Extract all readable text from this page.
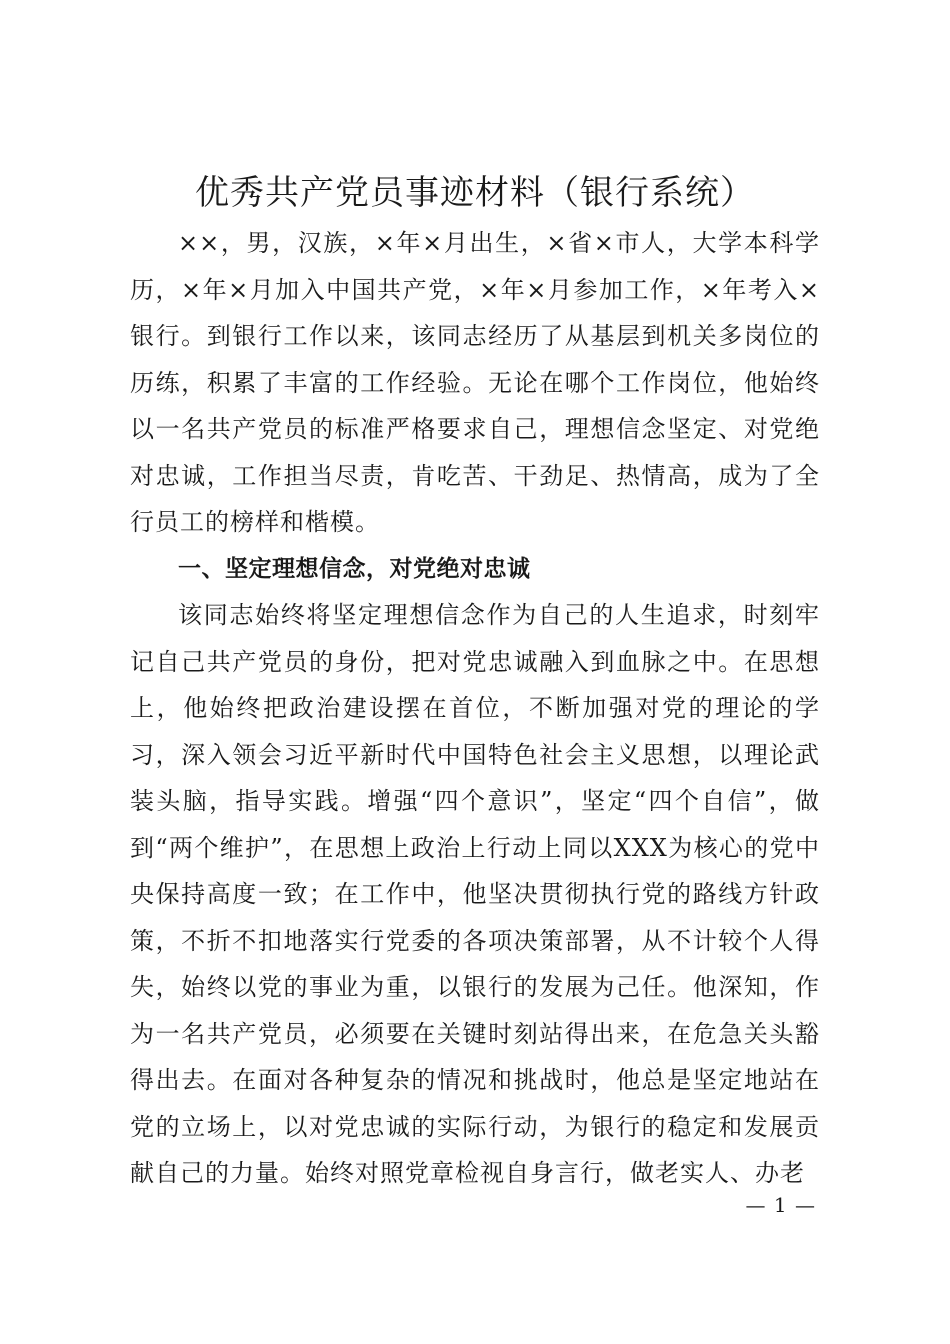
优秀共产党员事迹材料（银行系统）

××，男，汉族，×年×月出生，×省×市人，大学本科学历，×年×月加入中国共产党，×年×月参加工作，×年考入×银行。到银行工作以来，该同志经历了从基层到机关多岗位的历练，积累了丰富的工作经验。无论在哪个工作岗位，他始终以一名共产党员的标准严格要求自己，理想信念坚定、对党绝对忠诚，工作担当尽责，肯吃苦、干劲足、热情高，成为了全行员工的榜样和楷模。

一、坚定理想信念，对党绝对忠诚

该同志始终将坚定理想信念作为自己的人生追求，时刻牢记自己共产党员的身份，把对党忠诚融入到血脉之中。在思想上，他始终把政治建设摆在首位，不断加强对党的理论的学习，深入领会习近平新时代中国特色社会主义思想，以理论武装头脑，指导实践。增强“四个意识”，坚定“四个自信”，做到“两个维护”，在思想上政治上行动上同以XXX为核心的党中央保持高度一致；在工作中，他坚决贯彻执行党的路线方针政策，不折不扣地落实行党委的各项决策部署，从不计较个人得失，始终以党的事业为重，以银行的发展为己任。他深知，作为一名共产党员，必须要在关键时刻站得出来，在危急关头豁得出去。在面对各种复杂的情况和挑战时，他总是坚定地站在党的立场上，以对党忠诚的实际行动，为银行的稳定和发展贡献自己的力量。始终对照党章检视自身言行，做老实人、办老

— 1 —
